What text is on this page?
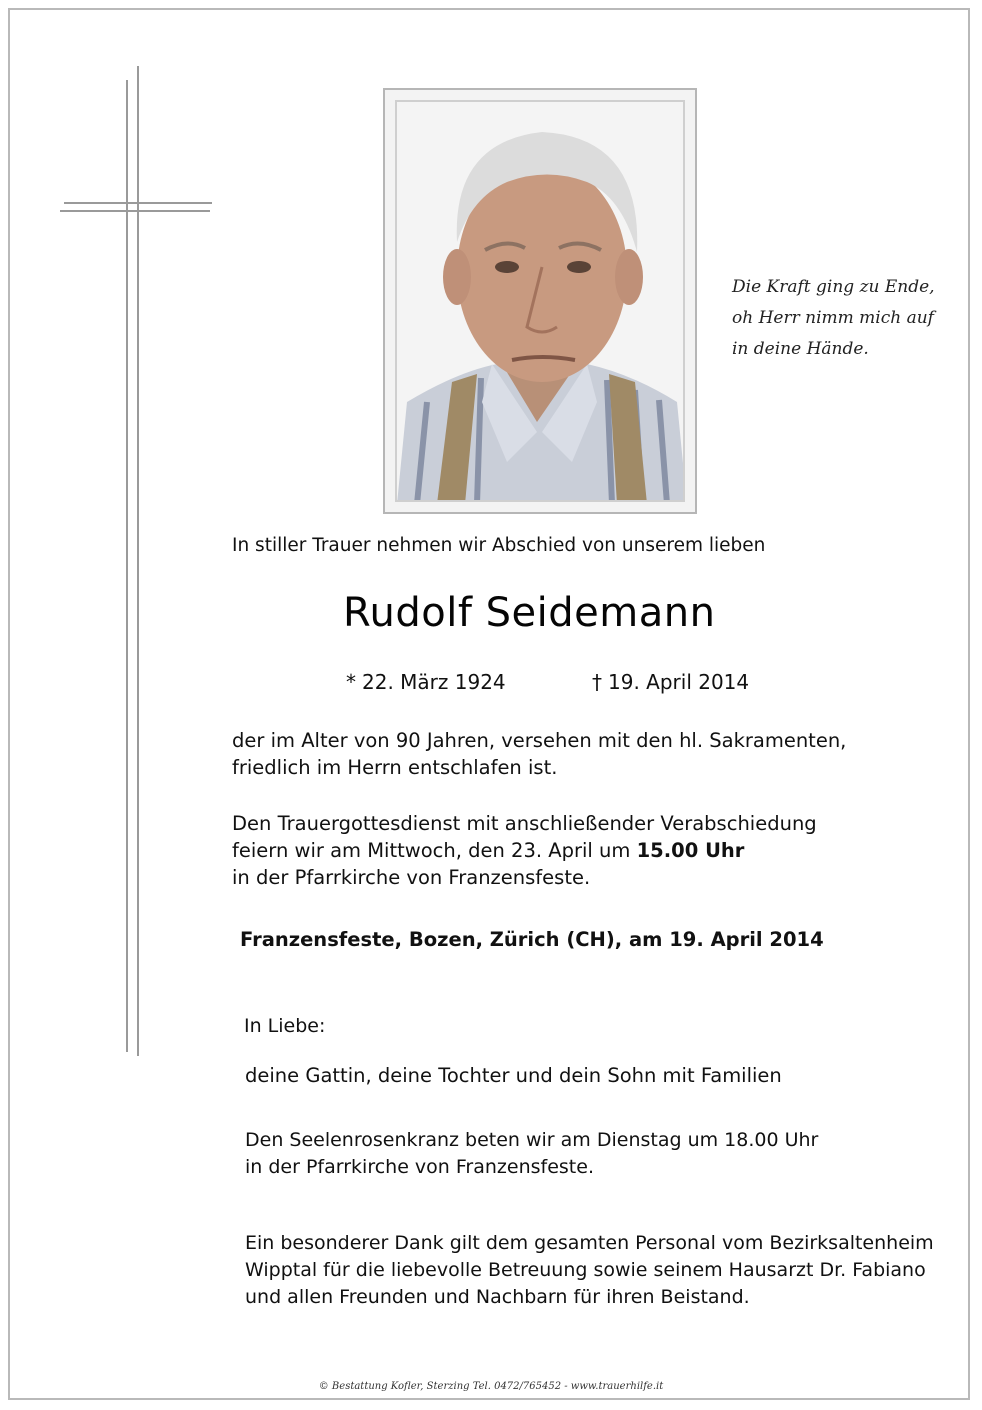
Die Kraft ging zu Ende,
oh Herr nimm mich auf
in deine Hände.
In stiller Trauer nehmen wir Abschied von unserem lieben
Rudolf Seidemann
* 22. März 1924	† 19. April 2014
der im Alter von 90 Jahren, versehen mit den hl. Sakramenten,
friedlich im Herrn entschlafen ist.
Den Trauergottesdienst mit anschließender Verabschiedung
feiern wir am Mittwoch, den 23. April um 15.00 Uhr
in der Pfarrkirche von Franzensfeste.
Franzensfeste, Bozen, Zürich (CH), am 19. April 2014
In Liebe:
deine Gattin, deine Tochter und dein Sohn mit Familien
Den Seelenrosenkranz beten wir am Dienstag um 18.00 Uhr
in der Pfarrkirche von Franzensfeste.
Ein besonderer Dank gilt dem gesamten Personal vom Bezirksaltenheim
Wipptal für die liebevolle Betreuung sowie seinem Hausarzt Dr. Fabiano
und allen Freunden und Nachbarn für ihren Beistand.
© Bestattung Kofler, Sterzing Tel. 0472/765452 - www.trauerhilfe.it
